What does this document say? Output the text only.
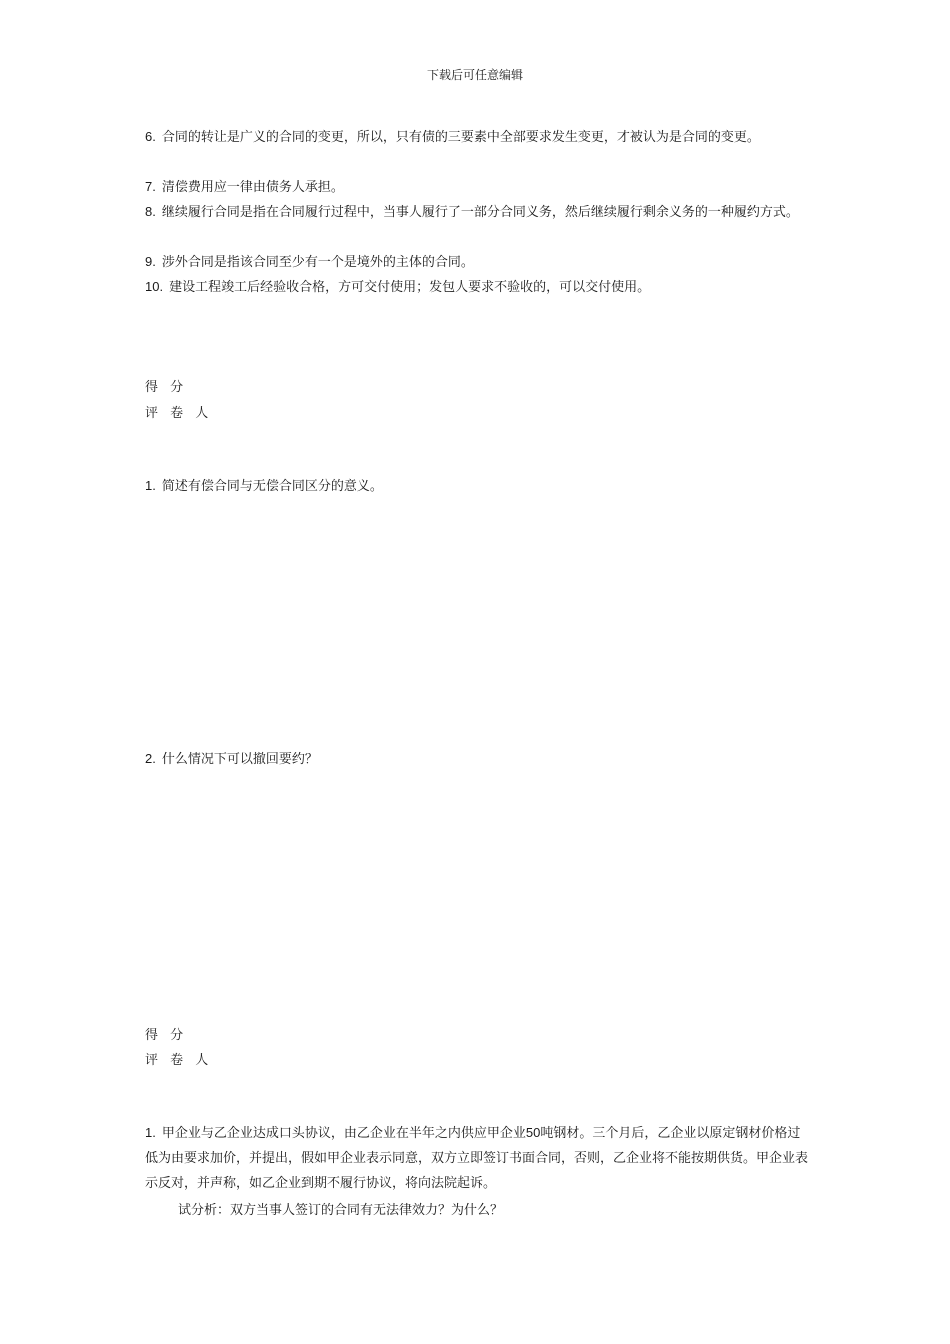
下载后可任意编辑

6. 合同的转让是广义的合同的变更，所以，只有债的三要素中全部要求发生变更，才被认为是合同的变更。

7. 清偿费用应一律由债务人承担。

8. 继续履行合同是指在合同履行过程中，当事人履行了一部分合同义务，然后继续履行剩余义务的一种履约方式。

9. 涉外合同是指该合同至少有一个是境外的主体的合同。

10. 建设工程竣工后经验收合格，方可交付使用；发包人要求不验收的，可以交付使用。

得 分
评 卷 人

1. 简述有偿合同与无偿合同区分的意义。

2. 什么情况下可以撤回要约？

得 分
评 卷 人

1. 甲企业与乙企业达成口头协议，由乙企业在半年之内供应甲企业50吨钢材。三个月后，乙企业以原定钢材价格过低为由要求加价，并提出，假如甲企业表示同意，双方立即签订书面合同，否则，乙企业将不能按期供货。甲企业表示反对，并声称，如乙企业到期不履行协议，将向法院起诉。

试分析：双方当事人签订的合同有无法律效力？为什么？
